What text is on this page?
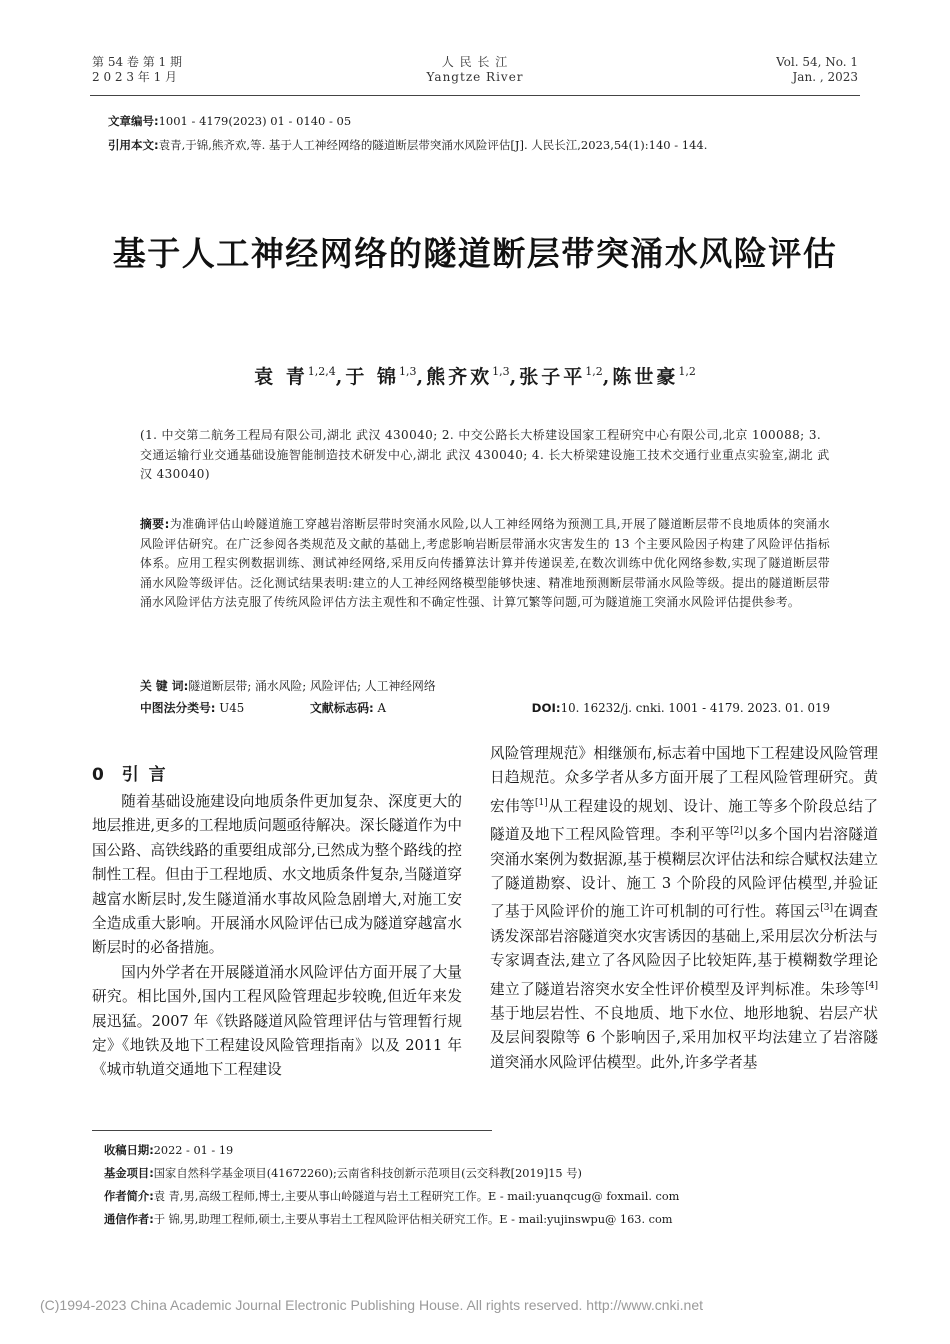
第 54 卷 第 1 期
2 0 2 3 年 1 月
人 民 长 江
Yangtze River
Vol. 54, No. 1
Jan. , 2023
文章编号:1001 - 4179(2023) 01 - 0140 - 05
引用本文:袁青,于锦,熊齐欢,等. 基于人工神经网络的隧道断层带突涌水风险评估[J]. 人民长江,2023,54(1):140 - 144.
基于人工神经网络的隧道断层带突涌水风险评估
袁 青$^{1,2,4}$,于 锦$^{1,3}$,熊齐欢$^{1,3}$,张子平$^{1,2}$,陈世豪$^{1,2}$
(1. 中交第二航务工程局有限公司,湖北 武汉 430040; 2. 中交公路长大桥建设国家工程研究中心有限公司,北京 100088; 3. 交通运输行业交通基础设施智能制造技术研发中心,湖北 武汉 430040; 4. 长大桥梁建设施工技术交通行业重点实验室,湖北 武汉 430040)
摘要:为准确评估山岭隧道施工穿越岩溶断层带时突涌水风险,以人工神经网络为预测工具,开展了隧道断层带不良地质体的突涌水风险评估研究。在广泛参阅各类规范及文献的基础上,考虑影响岩断层带涌水灾害发生的 13 个主要风险因子构建了风险评估指标体系。应用工程实例数据训练、测试神经网络,采用反向传播算法计算并传递误差,在数次训练中优化网络参数,实现了隧道断层带涌水风险等级评估。泛化测试结果表明:建立的人工神经网络模型能够快速、精准地预测断层带涌水风险等级。提出的隧道断层带涌水风险评估方法克服了传统风险评估方法主观性和不确定性强、计算冗繁等问题,可为隧道施工突涌水风险评估提供参考。
关 键 词:隧道断层带; 涌水风险; 风险评估; 人工神经网络
中图法分类号: U45	文献标志码: A	DOI:10. 16232/j. cnki. 1001 - 4179. 2023. 01. 019
0 引 言

随着基础设施建设向地质条件更加复杂、深度更大的地层推进,更多的工程地质问题亟待解决。深长隧道作为中国公路、高铁线路的重要组成部分,已然成为整个路线的控制性工程。但由于工程地质、水文地质条件复杂,当隧道穿越富水断层时,发生隧道涌水事故风险急剧增大,对施工安全造成重大影响。开展涌水风险评估已成为隧道穿越富水断层时的必备措施。

国内外学者在开展隧道涌水风险评估方面开展了大量研究。相比国外,国内工程风险管理起步较晚,但近年来发展迅猛。2007 年《铁路隧道风险管理评估与管理暂行规定》《地铁及地下工程建设风险管理指南》以及 2011 年《城市轨道交通地下工程建设

风险管理规范》相继颁布,标志着中国地下工程建设风险管理日趋规范。众多学者从多方面开展了工程风险管理研究。黄宏伟等[1]从工程建设的规划、设计、施工等多个阶段总结了隧道及地下工程风险管理。李利平等[2]以多个国内岩溶隧道突涌水案例为数据源,基于模糊层次评估法和综合赋权法建立了隧道勘察、设计、施工 3 个阶段的风险评估模型,并验证了基于风险评价的施工许可机制的可行性。蒋国云[3]在调查诱发深部岩溶隧道突水灾害诱因的基础上,采用层次分析法与专家调查法,建立了各风险因子比较矩阵,基于模糊数学理论建立了隧道岩溶突水安全性评价模型及评判标准。朱珍等[4]基于地层岩性、不良地质、地下水位、地形地貌、岩层产状及层间裂隙等 6 个影响因子,采用加权平均法建立了岩溶隧道突涌水风险评估模型。此外,许多学者基

收稿日期:2022 - 01 - 19
基金项目:国家自然科学基金项目(41672260);云南省科技创新示范项目(云交科教[2019]15 号)
作者简介:袁 青,男,高级工程师,博士,主要从事山岭隧道与岩土工程研究工作。E - mail:yuanqcug@ foxmail. com
通信作者:于 锦,男,助理工程师,硕士,主要从事岩土工程风险评估相关研究工作。E - mail:yujinswpu@ 163. com
(C)1994-2023 China Academic Journal Electronic Publishing House. All rights reserved. http://www.cnki.net
